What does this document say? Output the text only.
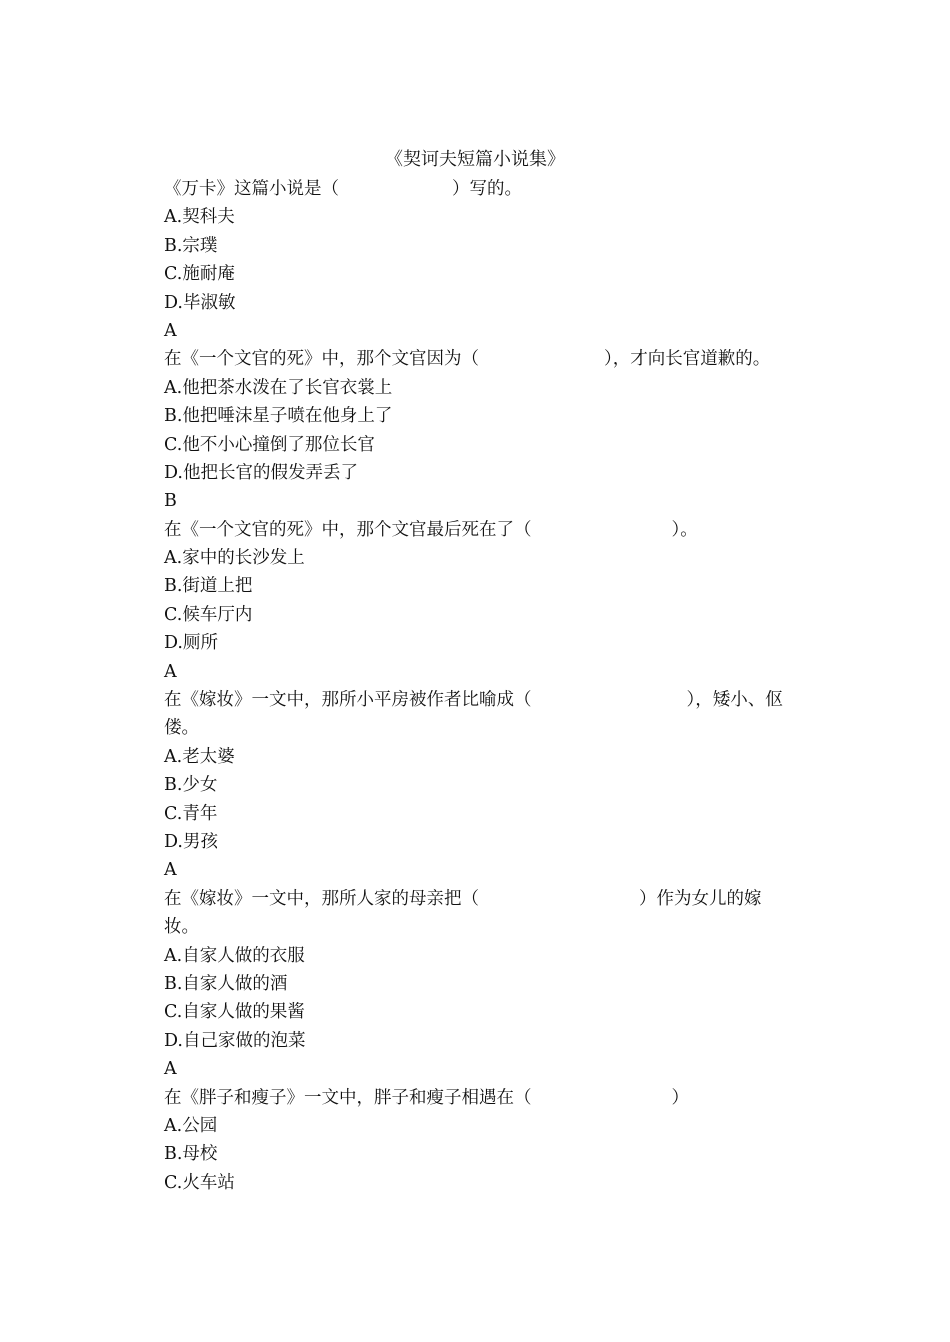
《契诃夫短篇小说集》
《万卡》这篇小说是（	）写的。
A.契科夫
B.宗璞
C.施耐庵
D.毕淑敏
A
在《一个文官的死》中，那个文官因为（	），才向长官道歉的。
A.他把茶水泼在了长官衣裳上
B.他把唾沫星子喷在他身上了
C.他不小心撞倒了那位长官
D.他把长官的假发弄丢了
B
在《一个文官的死》中，那个文官最后死在了（	）。
A.家中的长沙发上
B.街道上把
C.候车厅内
D.厕所
A
在《嫁妆》一文中，那所小平房被作者比喻成（	），矮小、伛
偻。
A.老太婆
B.少女
C.青年
D.男孩
A
在《嫁妆》一文中，那所人家的母亲把（	）作为女儿的嫁
妆。
A.自家人做的衣服
B.自家人做的酒
C.自家人做的果酱
D.自己家做的泡菜
A
在《胖子和瘦子》一文中，胖子和瘦子相遇在（	）
A.公园
B.母校
C.火车站
